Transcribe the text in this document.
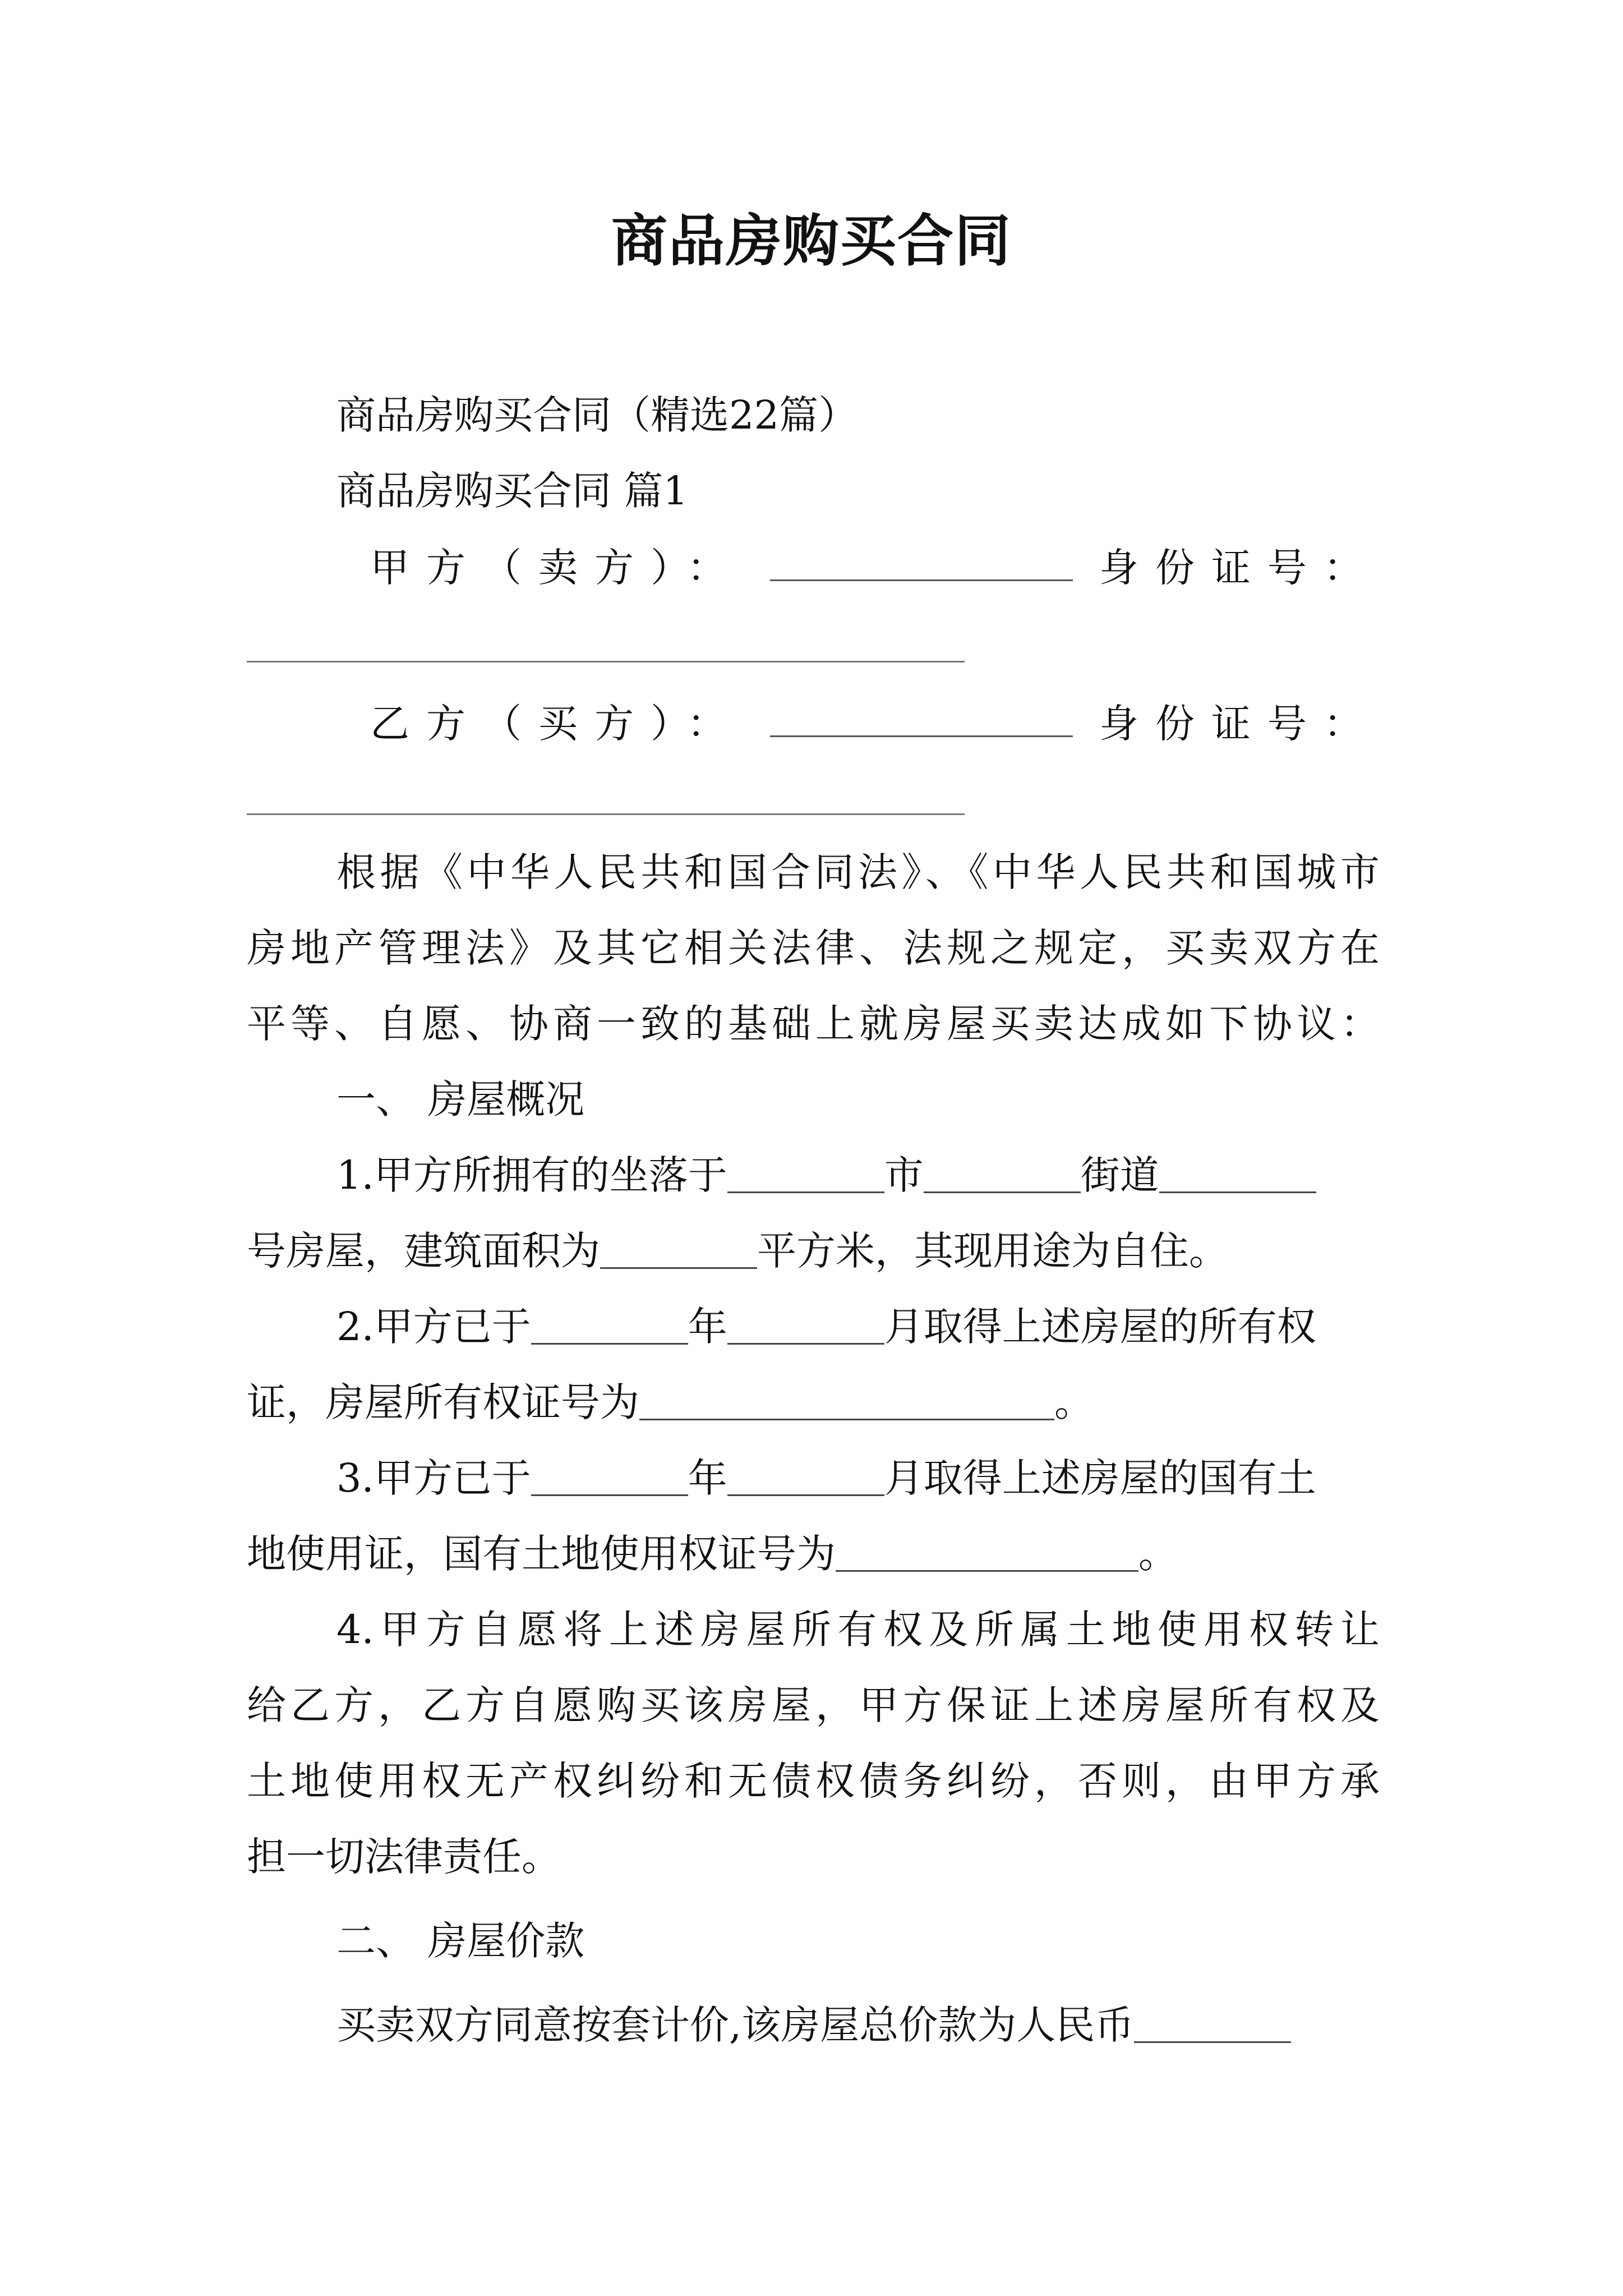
商品房购买合同
商品房购买合同（精选22篇）
商品房购买合同 篇1
甲方（卖方）：	身份证号：
乙方（买方）：	身份证号：
根据《中华人民共和国合同法》、《中华人民共和国城市
房地产管理法》及其它相关法律、法规之规定，买卖双方在
平等、自愿、协商一致的基础上就房屋买卖达成如下协议：
一、 房屋概况
1.甲方所拥有的坐落于	市	街道
号房屋，建筑面积为	平方米，其现用途为自住。
2.甲方已于	年	月取得上述房屋的所有权
证，房屋所有权证号为	。
3.甲方已于	年	月取得上述房屋的国有土
地使用证，国有土地使用权证号为	。
4.甲方自愿将上述房屋所有权及所属土地使用权转让
给乙方，乙方自愿购买该房屋，甲方保证上述房屋所有权及
土地使用权无产权纠纷和无债权债务纠纷，否则，由甲方承
担一切法律责任。
二、 房屋价款
买卖双方同意按套计价,该房屋总价款为人民币
